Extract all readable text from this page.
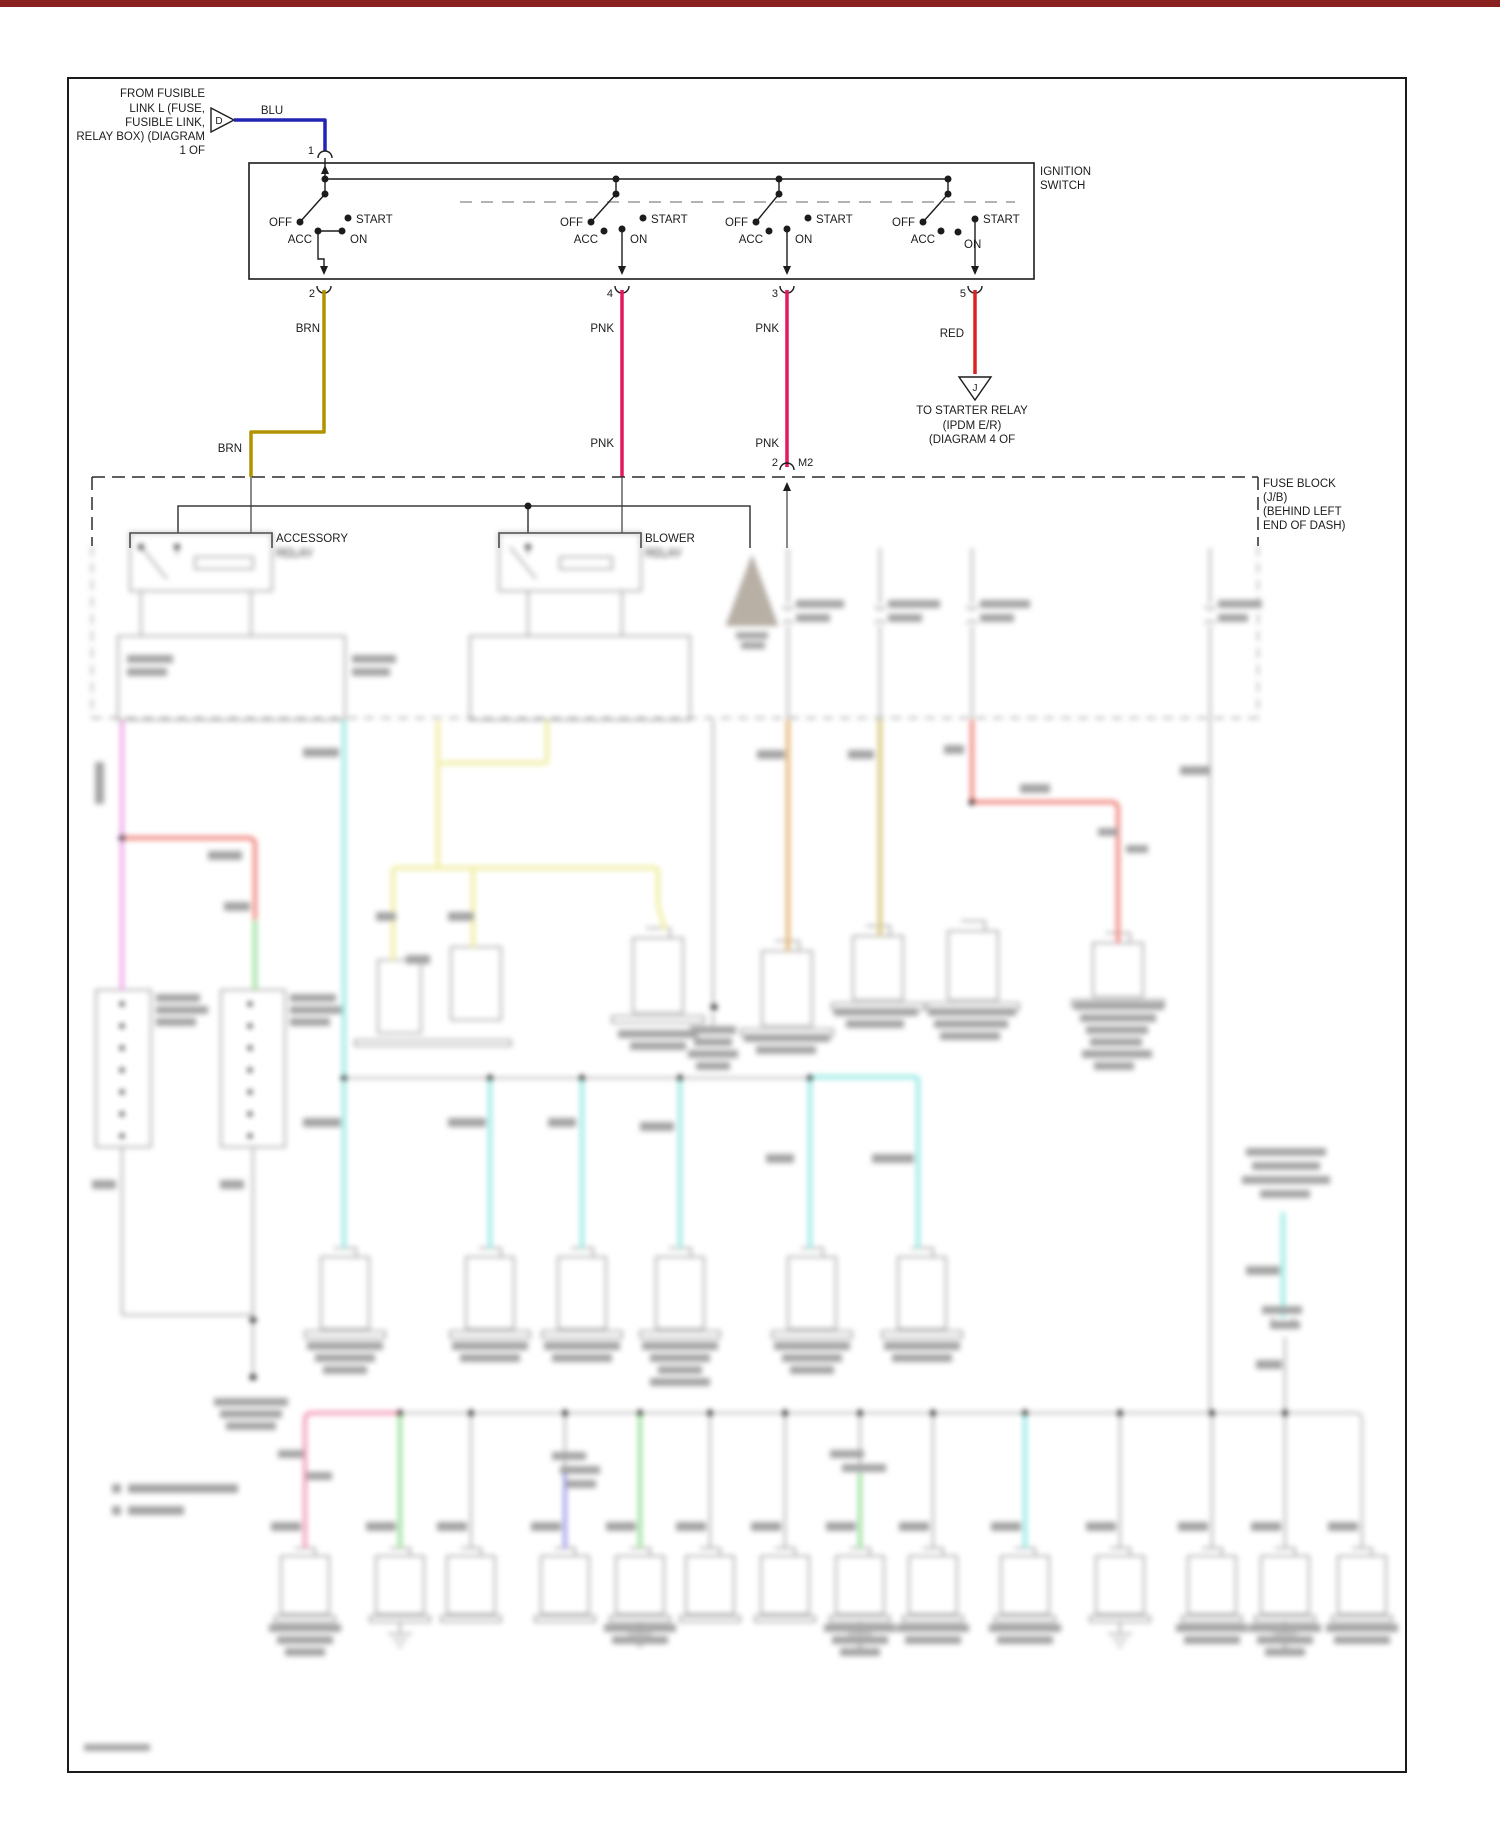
FROM FUSIBLE
LINK L (FUSE,
FUSIBLE LINK,
RELAY BOX) (DIAGRAM
1 OF
D
BLU
1
IGNITION
SWITCH
OFF
ACC	ON
START	OFF
ACC	ON
START	OFF
ACC	ON
START	OFF
ACC	ON
START
2	4	3	5
BRN
BRN
PNK
PNK
PNK
PNK
RED
J
TO STARTER RELAY
(IPDM E/R)
(DIAGRAM 4 OF
2 M2
FUSE BLOCK
(J/B)
(BEHIND LEFT
END OF DASH)
ACCESSORY	BLOWER
RELAY	RELAY
